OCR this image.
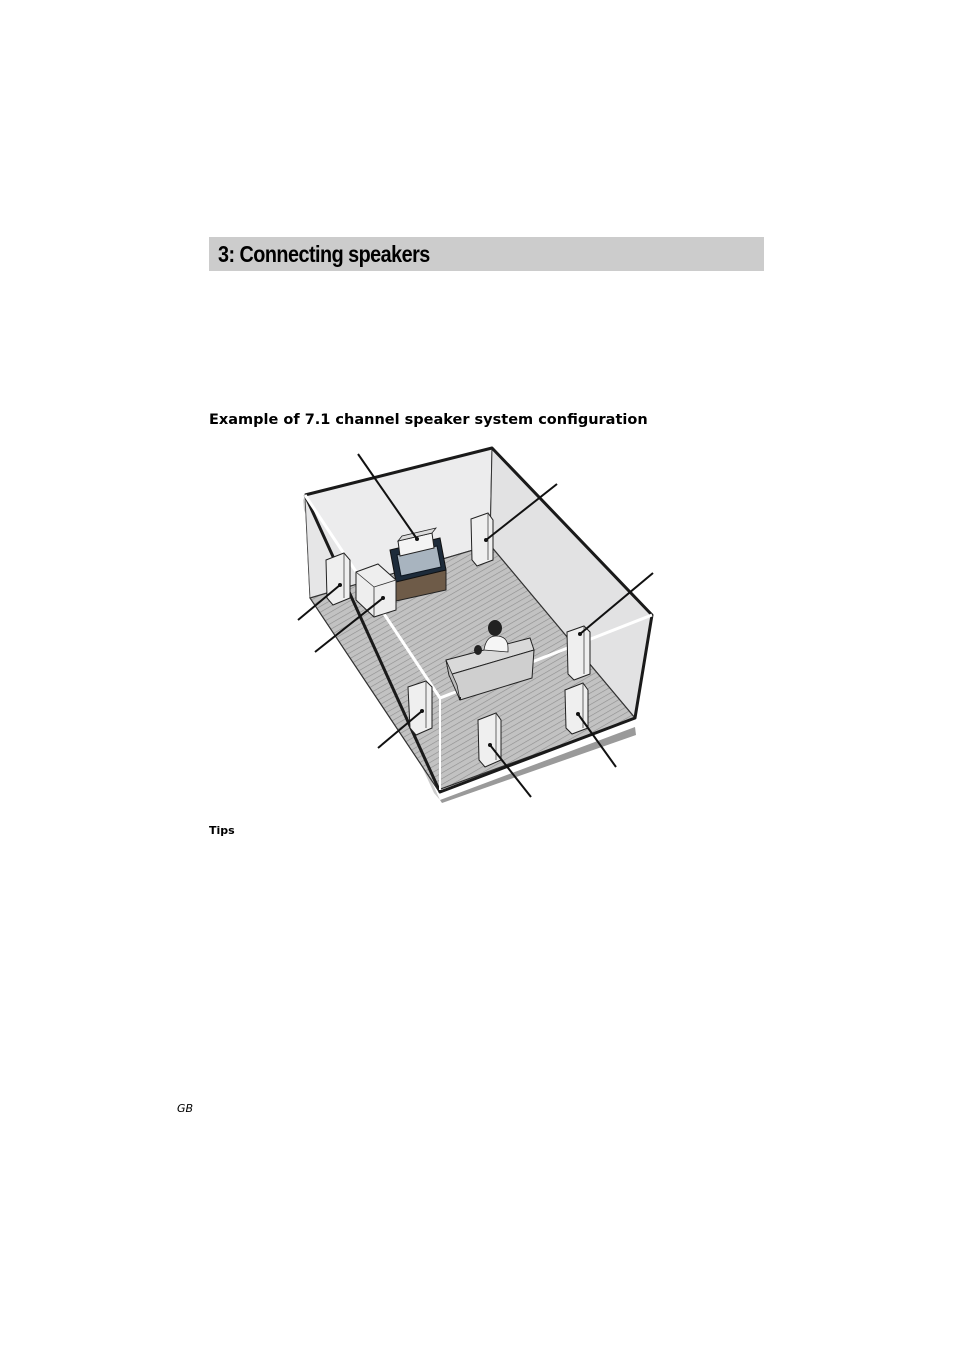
3: Connecting speakers
Example of 7.1 channel speaker system configuration
Tips
GB
